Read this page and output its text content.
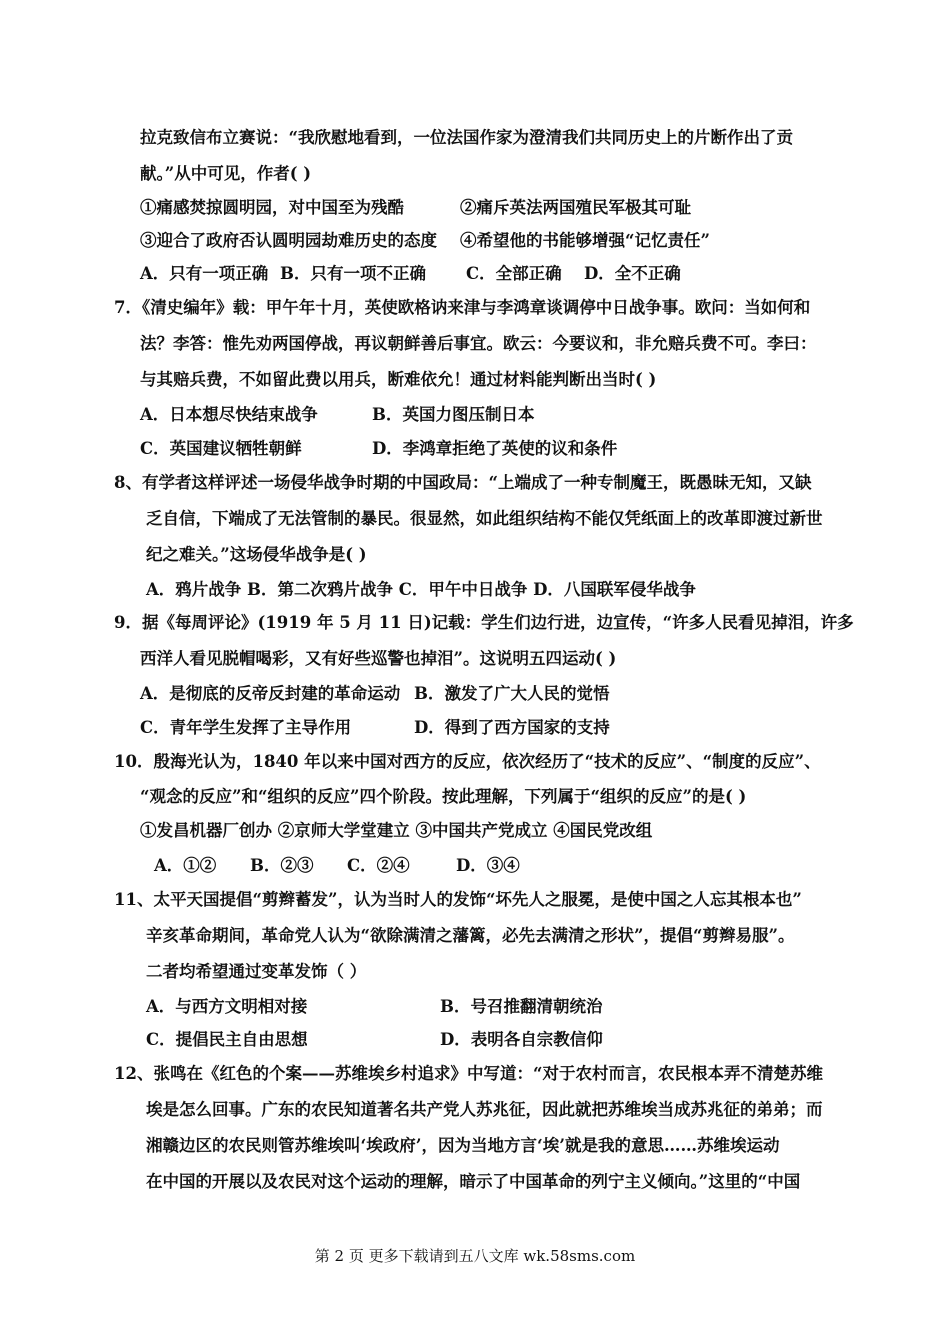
拉克致信布立赛说：“我欣慰地看到，一位法国作家为澄清我们共同历史上的片断作出了贡
献。”从中可见，作者( )
①痛感焚掠圆明园，对中国至为残酷	②痛斥英法两国殖民军极其可耻
③迎合了政府否认圆明园劫难历史的态度 ④希望他的书能够增强“记忆责任”
A．只有一项正确 B．只有一项不正确 C．全部正确 D．全不正确
7．《清史编年》载：甲午年十月，英使欧格讷来津与李鸿章谈调停中日战争事。欧问：当如何和
法？李答：惟先劝两国停战，再议朝鲜善后事宜。欧云：今要议和，非允赔兵费不可。李曰：
与其赔兵费，不如留此费以用兵，断难依允！通过材料能判断出当时( )
A．日本想尽快结束战争	B．英国力图压制日本
C．英国建议牺牲朝鲜	D．李鸿章拒绝了英使的议和条件
8、有学者这样评述一场侵华战争时期的中国政局：“上端成了一种专制魔王，既愚昧无知，又缺
乏自信，下端成了无法管制的暴民。很显然，如此组织结构不能仅凭纸面上的改革即渡过新世
纪之难关。”这场侵华战争是( )
A．鸦片战争 B．第二次鸦片战争 C．甲午中日战争 D．八国联军侵华战争
9．据《每周评论》(1919 年 5 月 11 日)记载：学生们边行进，边宣传，“许多人民看见掉泪，许多
西洋人看见脱帽喝彩，又有好些巡警也掉泪”。这说明五四运动( )
A．是彻底的反帝反封建的革命运动 B．激发了广大人民的觉悟
C．青年学生发挥了主导作用	D．得到了西方国家的支持
10．殷海光认为，1840 年以来中国对西方的反应，依次经历了“技术的反应”、“制度的反应”、
“观念的反应”和“组织的反应”四个阶段。按此理解，下列属于“组织的反应”的是( )
①发昌机器厂创办 ②京师大学堂建立 ③中国共产党成立 ④国民党改组
A．①② B．②③ C．②④	D．③④
11、太平天国提倡“剪辫蓄发”，认为当时人的发饰“坏先人之服冕，是使中国之人忘其根本也”
辛亥革命期间，革命党人认为“欲除满清之藩篱，必先去满清之形状”，提倡“剪辫易服”。
二者均希望通过变革发饰（ ）
A．与西方文明相对接	B．号召推翻清朝统治
C．提倡民主自由思想	D．表明各自宗教信仰
12、张鸣在《红色的个案——苏维埃乡村追求》中写道：“对于农村而言，农民根本弄不清楚苏维
埃是怎么回事。广东的农民知道著名共产党人苏兆征，因此就把苏维埃当成苏兆征的弟弟；而
湘赣边区的农民则管苏维埃叫‘埃政府’，因为当地方言‘埃’就是我的意思……苏维埃运动
在中国的开展以及农民对这个运动的理解，暗示了中国革命的列宁主义倾向。”这里的“中国
第 2 页 更多下载请到五八文库 wk.58sms.com
